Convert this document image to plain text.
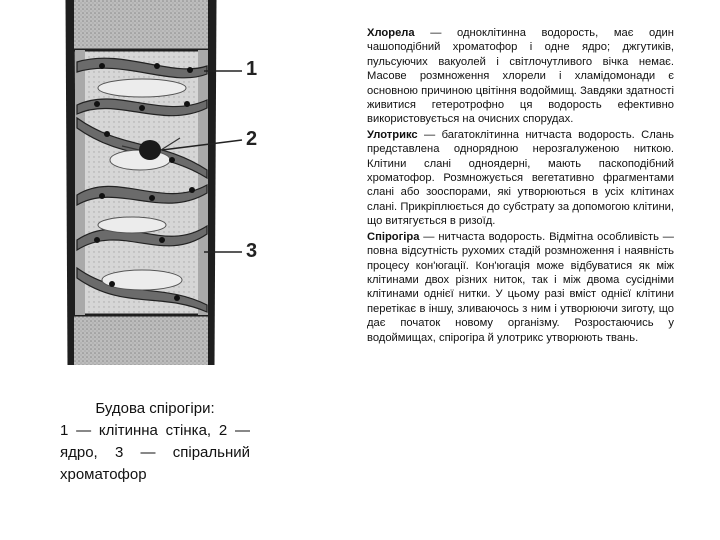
1
2
3
Будова спірогіри:
1 — клітинна стінка, 2 — ядро, 3 — спіральний хроматофор

Хлорела — одноклітинна водорость, має один чашоподібний хроматофор і одне ядро; джгутиків, пульсуючих вакуолей і світлочутливого вічка немає. Масове розмноження хлорели і хламідомонади є основною причиною цвітіння водоймищ. Завдяки здатності живитися гетеротрофно ця водорость ефективно використовується на очисних спорудах.

Улотрикс — багатоклітинна нитчаста водорость. Слань представлена однорядною нерозгалуженою ниткою. Клітини слані одноядерні, мають паскоподібний хроматофор. Розмножується вегетативно фрагментами слані або зооспорами, які утворюються в усіх клітинах слані. Прикріплюється до субстрату за допомогою клітини, що витягується в ризоїд.

Спірогіра — нитчаста водорость. Відмітна особливість — повна відсутність рухомих стадій розмноження і наявність процесу кон'югації. Кон'югація може відбуватися як між клітинами двох різних ниток, так і між двома сусідніми клітинами однієї нитки. У цьому разі вміст однієї клітини перетікає в іншу, зливаючось з ним і утворюючи зиготу, що дає початок новому організму. Розростаючись у водоймищах, спірогіра й улотрикс утворюють твань.
